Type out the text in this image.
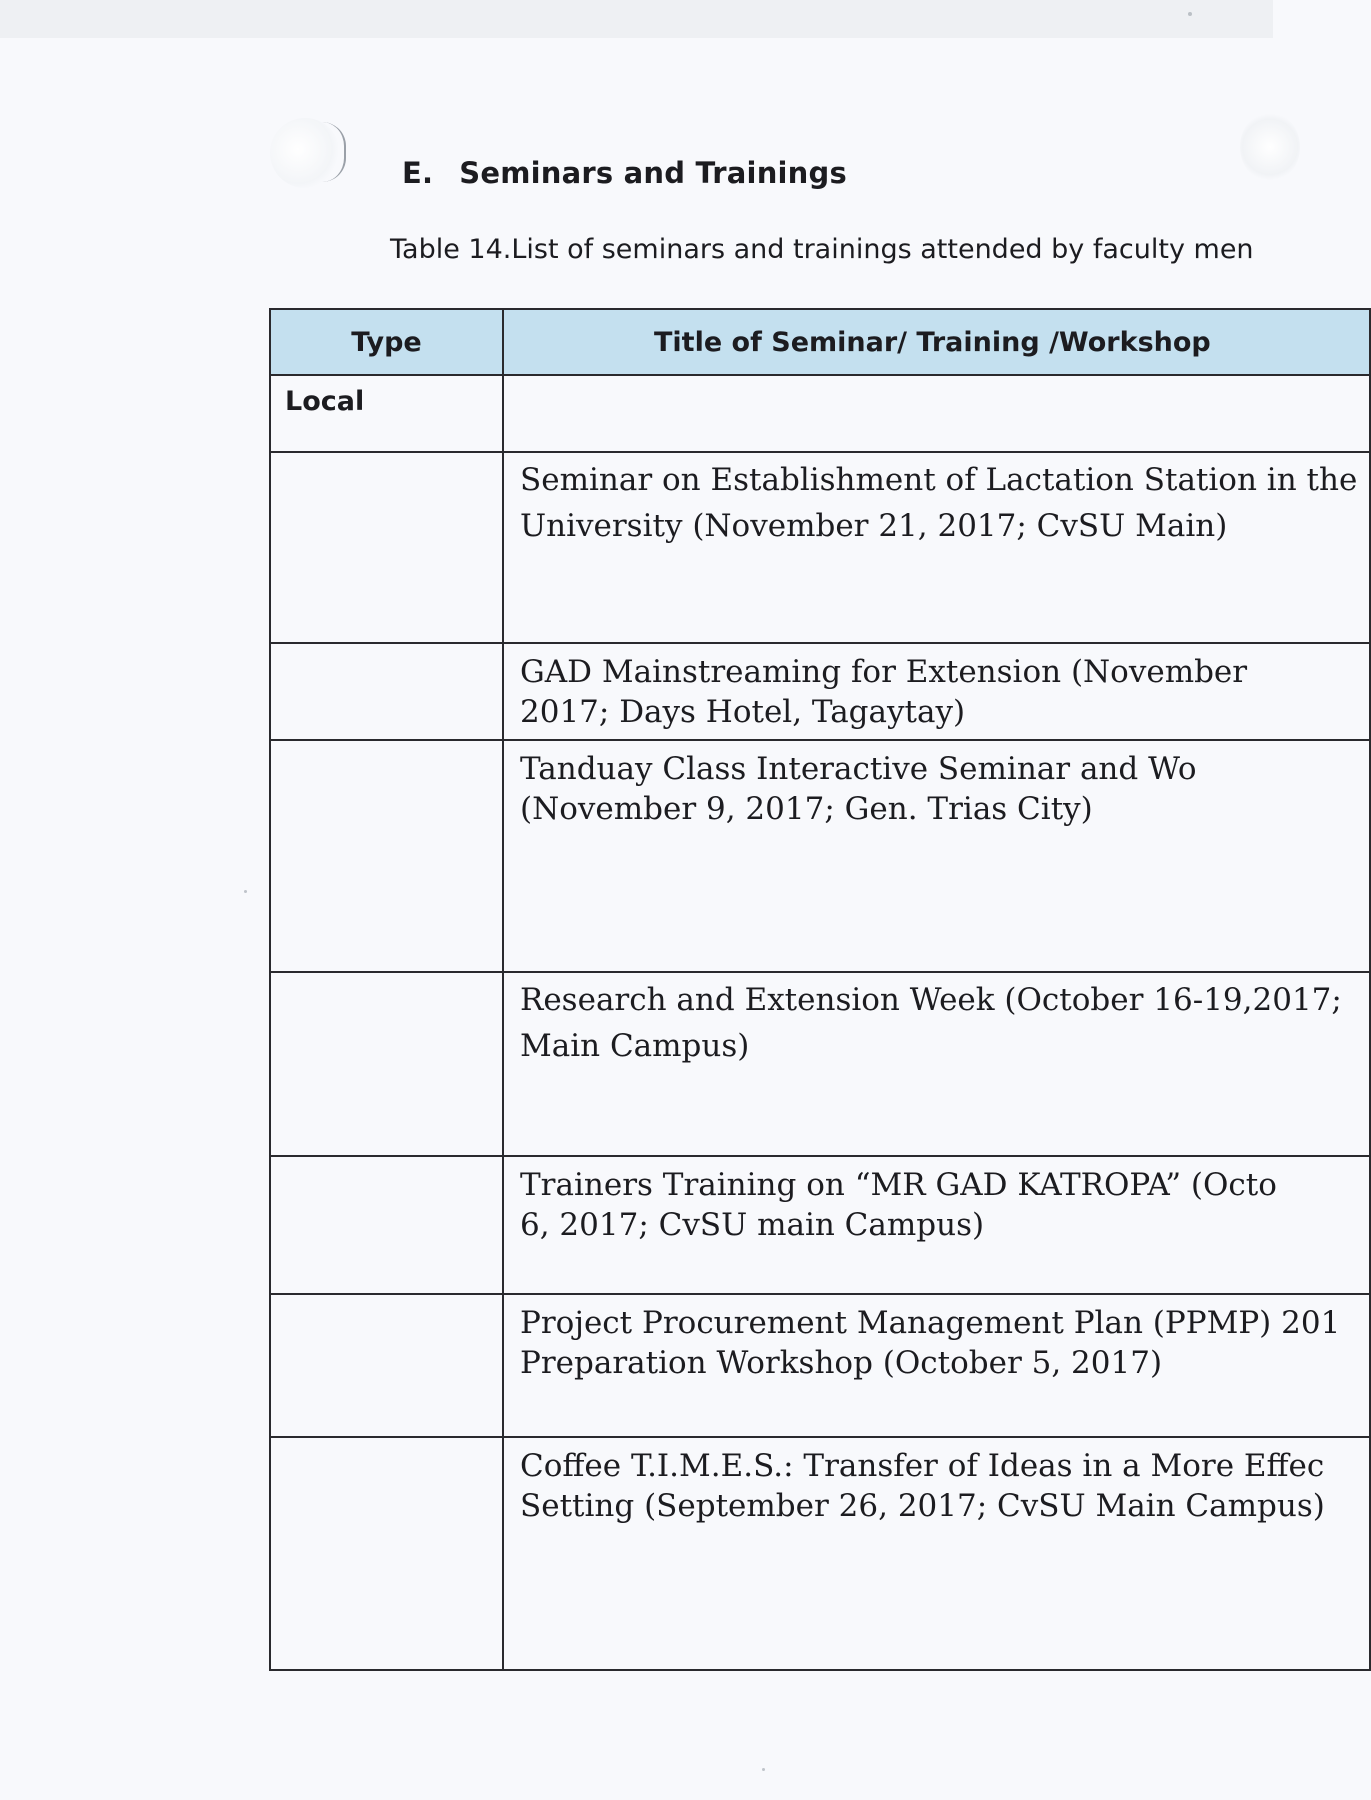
E. Seminars and Trainings
Table 14.List of seminars and trainings attended by faculty men
Type	Title of Seminar/ Training /Workshop

Local	

	Seminar on Establishment of Lactation Station in the
University (November 21, 2017; CvSU Main)

	GAD Mainstreaming for Extension (November
2017; Days Hotel, Tagaytay)

	Tanduay Class Interactive Seminar and Wo
(November 9, 2017; Gen. Trias City)

	Research and Extension Week (October 16-19,2017;
Main Campus)

	Trainers Training on “MR GAD KATROPA” (Octo
6, 2017; CvSU main Campus)

	Project Procurement Management Plan (PPMP) 201
Preparation Workshop (October 5, 2017)

	Coffee T.I.M.E.S.: Transfer of Ideas in a More Effec
Setting (September 26, 2017; CvSU Main Campus)
